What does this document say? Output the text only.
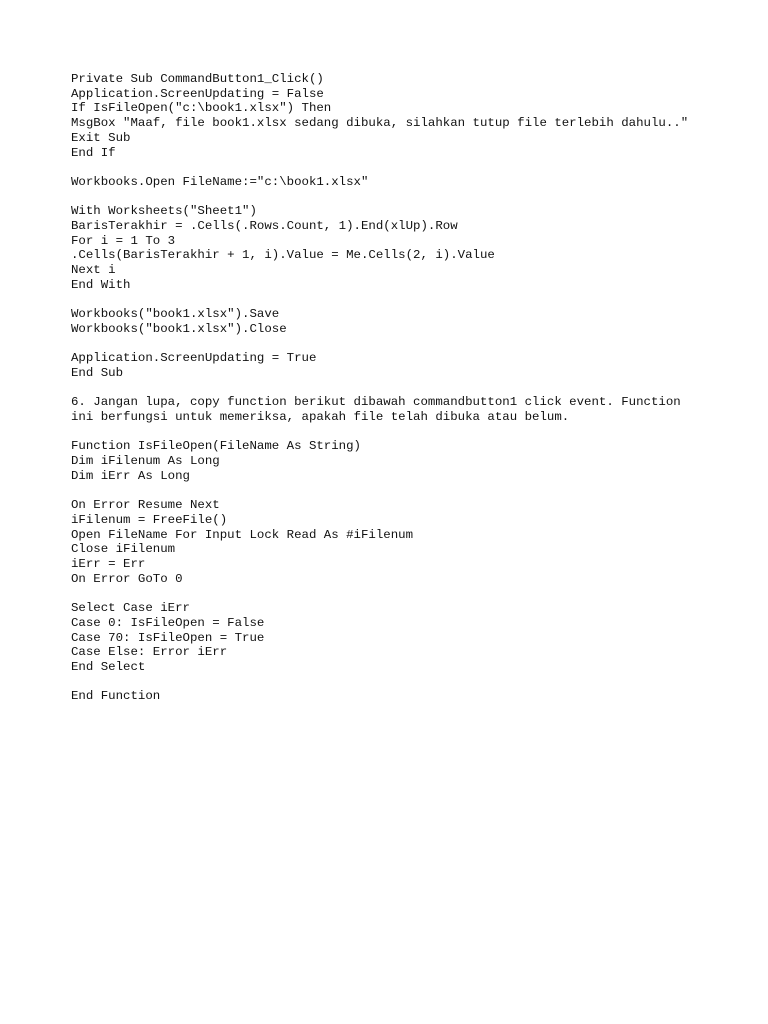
Private Sub CommandButton1_Click()
Application.ScreenUpdating = False
If IsFileOpen("c:\book1.xlsx") Then
MsgBox "Maaf, file book1.xlsx sedang dibuka, silahkan tutup file terlebih dahulu.."
Exit Sub
End If
Workbooks.Open FileName:="c:\book1.xlsx"
With Worksheets("Sheet1")
BarisTerakhir = .Cells(.Rows.Count, 1).End(xlUp).Row
For i = 1 To 3
.Cells(BarisTerakhir + 1, i).Value = Me.Cells(2, i).Value
Next i
End With
Workbooks("book1.xlsx").Save
Workbooks("book1.xlsx").Close
Application.ScreenUpdating = True
End Sub
6. Jangan lupa, copy function berikut dibawah commandbutton1 click event. Function
ini berfungsi untuk memeriksa, apakah file telah dibuka atau belum.
Function IsFileOpen(FileName As String)
Dim iFilenum As Long
Dim iErr As Long
On Error Resume Next
iFilenum = FreeFile()
Open FileName For Input Lock Read As #iFilenum
Close iFilenum
iErr = Err
On Error GoTo 0
Select Case iErr
Case 0: IsFileOpen = False
Case 70: IsFileOpen = True
Case Else: Error iErr
End Select
End Function
